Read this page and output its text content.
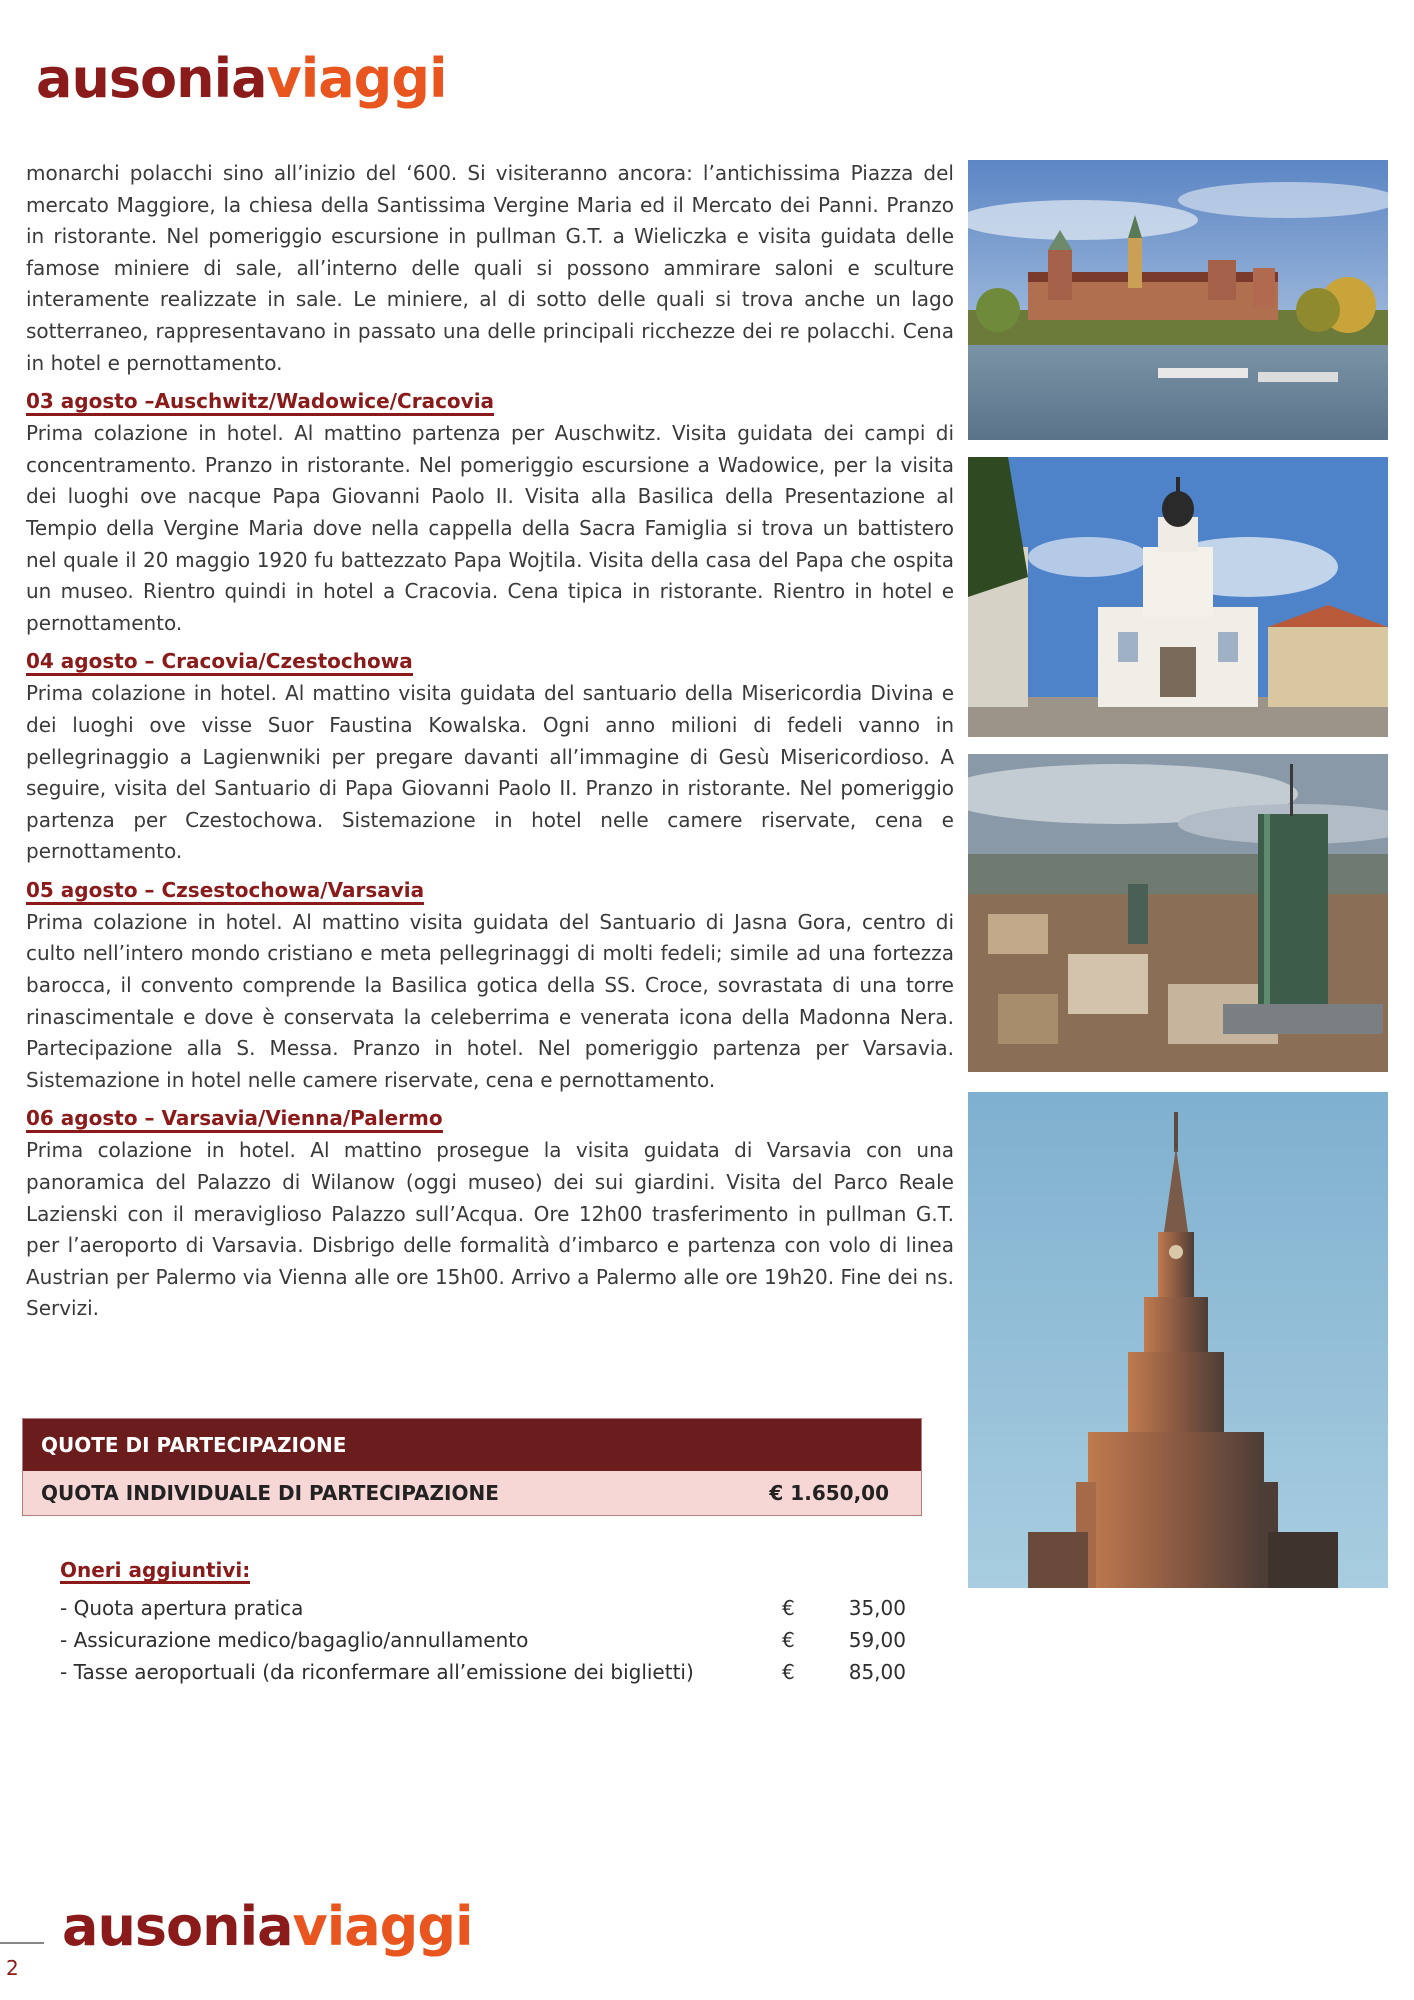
ausoniaviaggi

monarchi polacchi sino all’inizio del ‘600. Si visiteranno ancora: l’antichissima Piazza del mercato Maggiore, la chiesa della Santissima Vergine Maria ed il Mercato dei Panni. Pranzo in ristorante. Nel pomeriggio escursione in pullman G.T. a Wieliczka e visita guidata delle famose miniere di sale, all’interno delle quali si possono ammirare saloni e sculture interamente realizzate in sale. Le miniere, al di sotto delle quali si trova anche un lago sotterraneo, rappresentavano in passato una delle principali ricchezze dei re polacchi. Cena in hotel e pernottamento.

03 agosto –Auschwitz/Wadowice/Cracovia

Prima colazione in hotel. Al mattino partenza per Auschwitz. Visita guidata dei campi di concentramento. Pranzo in ristorante. Nel pomeriggio escursione a Wadowice, per la visita dei luoghi ove nacque Papa Giovanni Paolo II. Visita alla Basilica della Presentazione al Tempio della Vergine Maria dove nella cappella della Sacra Famiglia si trova un battistero nel quale il 20 maggio 1920 fu battezzato Papa Wojtila. Visita della casa del Papa che ospita un museo. Rientro quindi in hotel a Cracovia. Cena tipica in ristorante. Rientro in hotel e pernottamento.

04 agosto – Cracovia/Czestochowa

Prima colazione in hotel. Al mattino visita guidata del santuario della Misericordia Divina e dei luoghi ove visse Suor Faustina Kowalska. Ogni anno milioni di fedeli vanno in pellegrinaggio a Lagienwniki per pregare davanti all’immagine di Gesù Misericordioso. A seguire, visita del Santuario di Papa Giovanni Paolo II. Pranzo in ristorante. Nel pomeriggio partenza per Czestochowa. Sistemazione in hotel nelle camere riservate, cena e pernottamento.

05 agosto – Czsestochowa/Varsavia

Prima colazione in hotel. Al mattino visita guidata del Santuario di Jasna Gora, centro di culto nell’intero mondo cristiano e meta pellegrinaggi di molti fedeli; simile ad una fortezza barocca, il convento comprende la Basilica gotica della SS. Croce, sovrastata di una torre rinascimentale e dove è conservata la celeberrima e venerata icona della Madonna Nera. Partecipazione alla S. Messa. Pranzo in hotel. Nel pomeriggio partenza per Varsavia. Sistemazione in hotel nelle camere riservate, cena e pernottamento.

06 agosto – Varsavia/Vienna/Palermo

Prima colazione in hotel. Al mattino prosegue la visita guidata di Varsavia con una panoramica del Palazzo di Wilanow (oggi museo) dei sui giardini. Visita del Parco Reale Lazienski con il meraviglioso Palazzo sull’Acqua. Ore 12h00 trasferimento in pullman G.T. per l’aeroporto di Varsavia. Disbrigo delle formalità d’imbarco e partenza con volo di linea Austrian per Palermo via Vienna alle ore 15h00. Arrivo a Palermo alle ore 19h20. Fine dei ns. Servizi.

QUOTE DI PARTECIPAZIONE
QUOTA INDIVIDUALE DI PARTECIPAZIONE	€ 1.650,00
Oneri aggiuntivi:
- Quota apertura pratica	€	35,00
- Assicurazione medico/bagaglio/annullamento	€	59,00
- Tasse aeroportuali (da riconfermare all’emissione dei biglietti)	€	85,00
2
ausoniaviaggi
